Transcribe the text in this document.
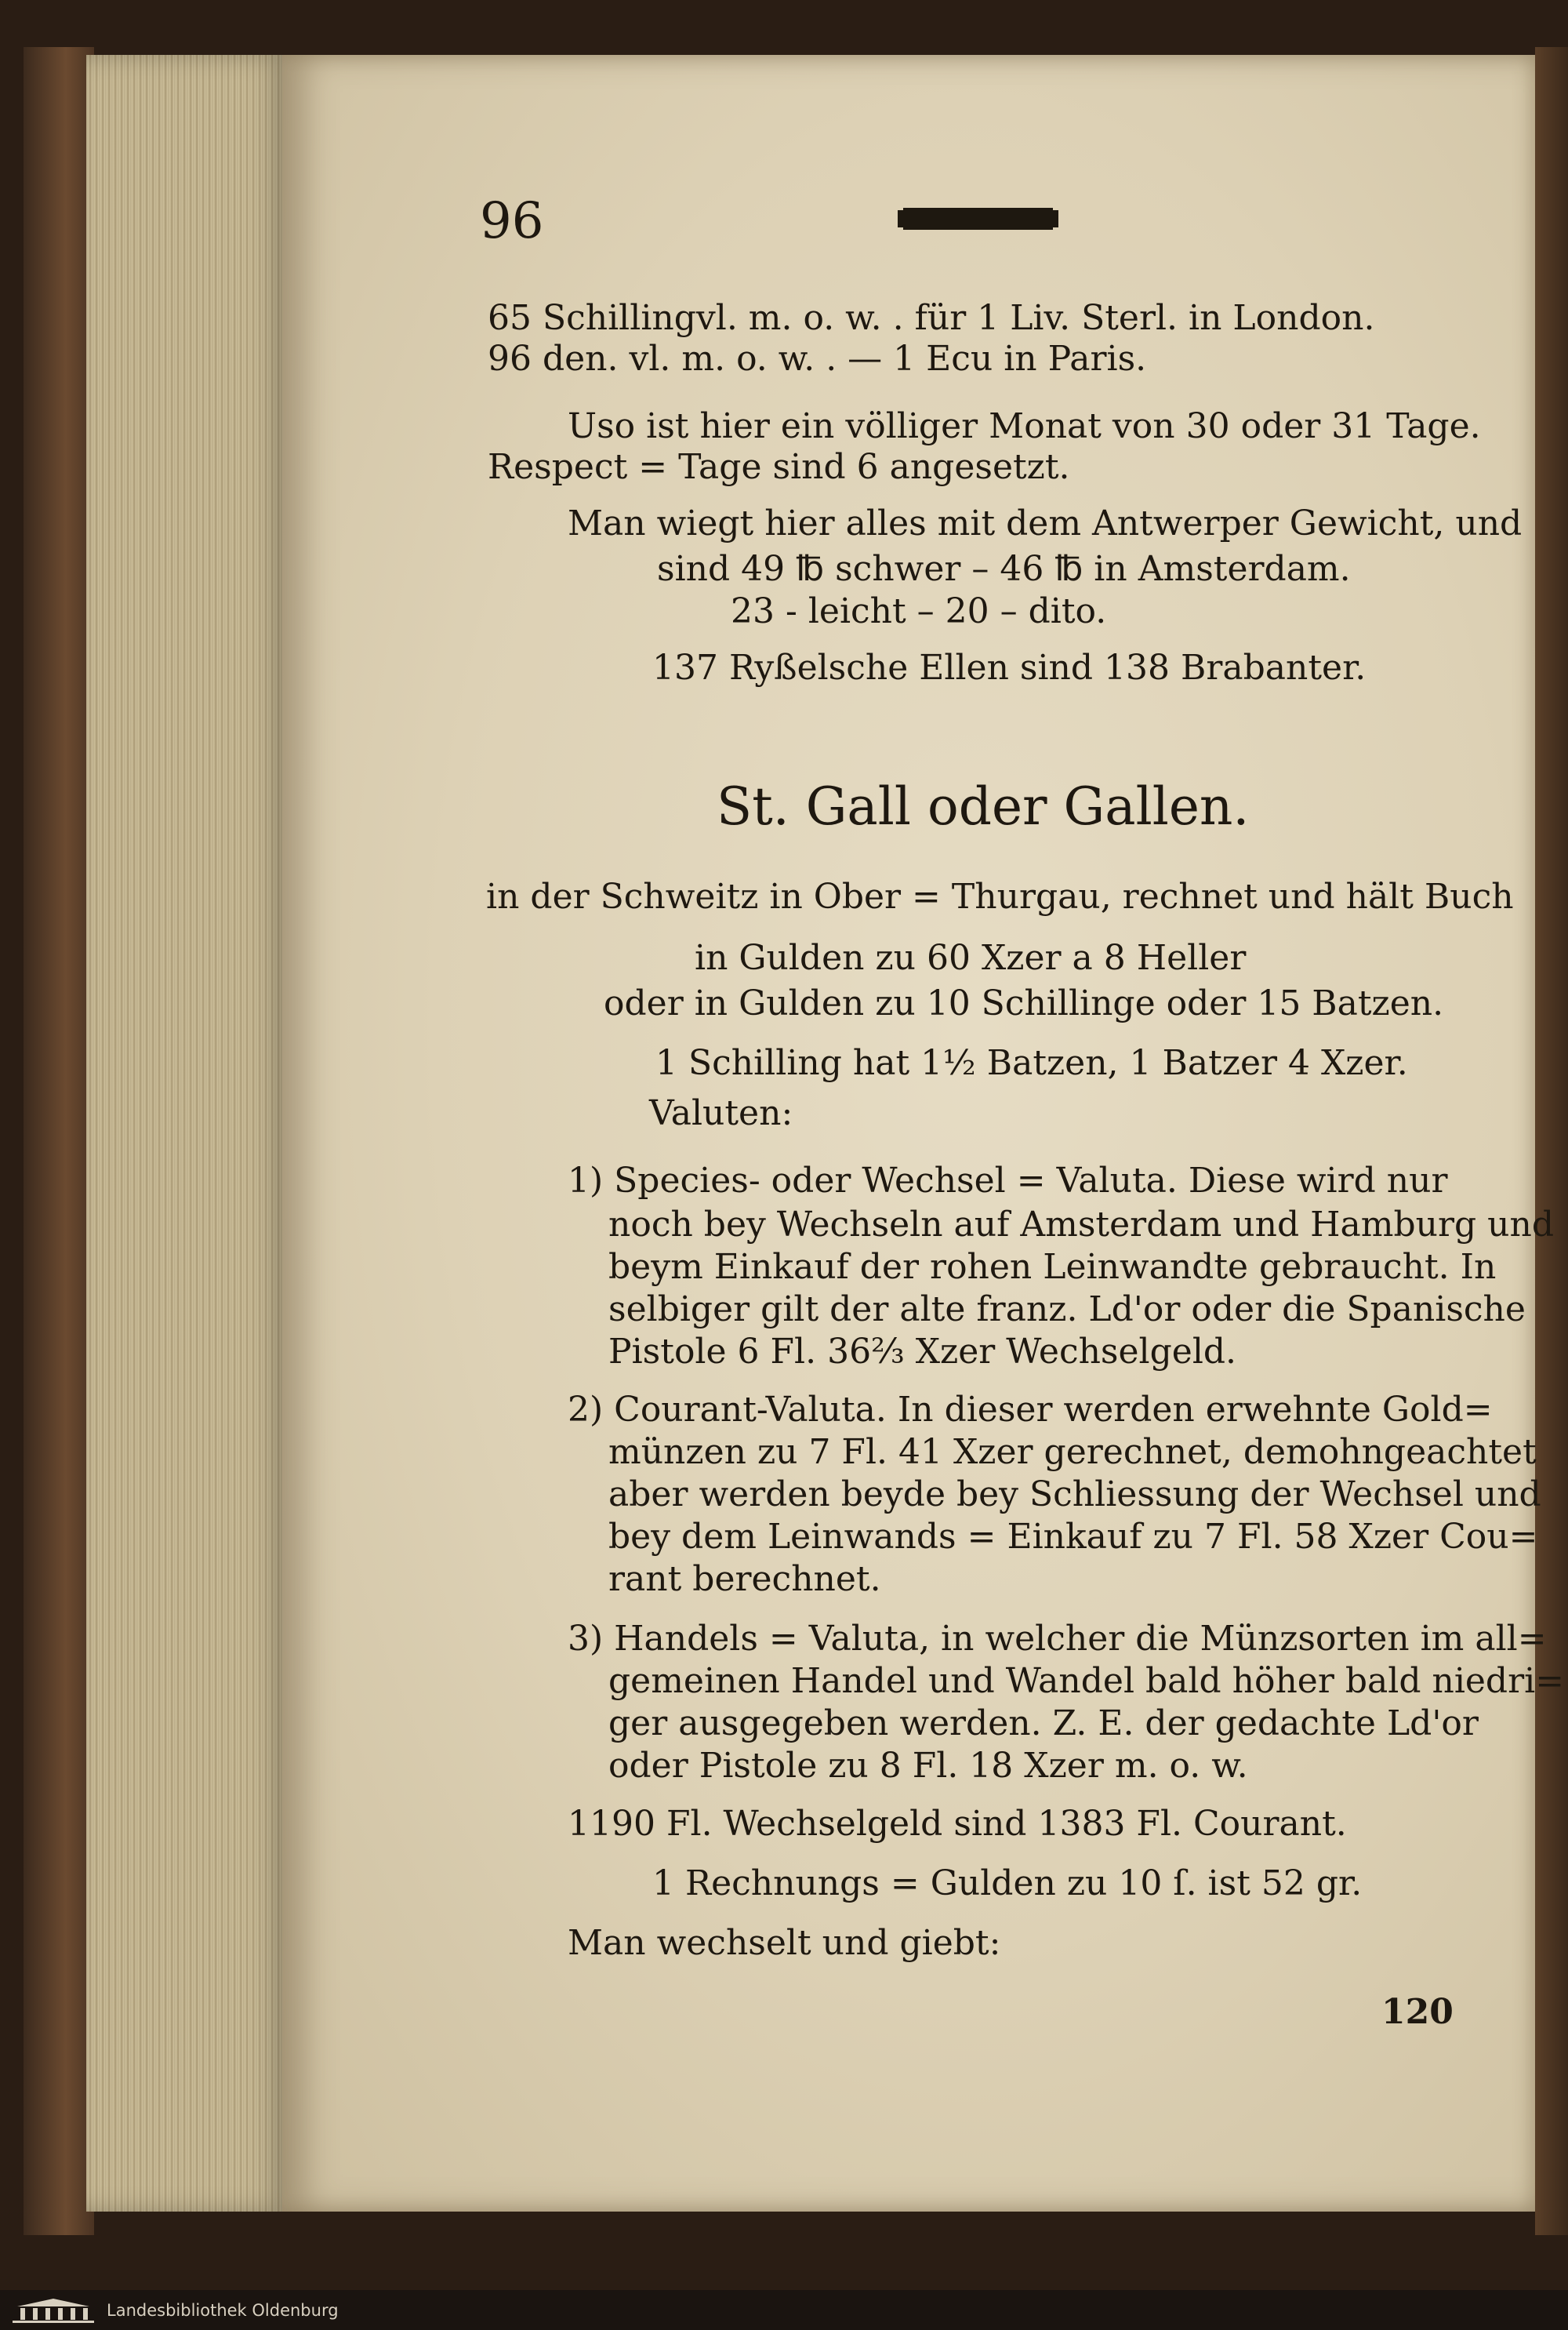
96
65 Schillingvl. m. o. w. . für 1 Liv. Sterl. in London.
96 den. vl. m. o. w. . — 1 Ecu in Paris.
Uso ist hier ein völliger Monat von 30 oder 31 Tage.
Respect = Tage sind 6 angesetzt.
Man wiegt hier alles mit dem Antwerper Gewicht, und
sind 49 ℔ schwer – 46 ℔ in Amsterdam.
23 - leicht – 20 – dito.
137 Ryßelsche Ellen sind 138 Brabanter.
St. Gall oder Gallen.
in der Schweitz in Ober = Thurgau, rechnet und hält Buch
in Gulden zu 60 Xzer a 8 Heller
oder in Gulden zu 10 Schillinge oder 15 Batzen.
1 Schilling hat 1½ Batzen, 1 Batzer 4 Xzer.
Valuten:
1) Species- oder Wechsel = Valuta. Diese wird nur
noch bey Wechseln auf Amsterdam und Hamburg und
beym Einkauf der rohen Leinwandte gebraucht. In
selbiger gilt der alte franz. Ld'or oder die Spanische
Pistole 6 Fl. 36⅔ Xzer Wechselgeld.
2) Courant-Valuta. In dieser werden erwehnte Gold=
münzen zu 7 Fl. 41 Xzer gerechnet, demohngeachtet
aber werden beyde bey Schliessung der Wechsel und
bey dem Leinwands = Einkauf zu 7 Fl. 58 Xzer Cou=
rant berechnet.
3) Handels = Valuta, in welcher die Münzsorten im all=
gemeinen Handel und Wandel bald höher bald niedri=
ger ausgegeben werden. Z. E. der gedachte Ld'or
oder Pistole zu 8 Fl. 18 Xzer m. o. w.
1190 Fl. Wechselgeld sind 1383 Fl. Courant.
1 Rechnungs = Gulden zu 10 ſ. ist 52 gr.
Man wechselt und giebt:
120
Landesbibliothek Oldenburg
